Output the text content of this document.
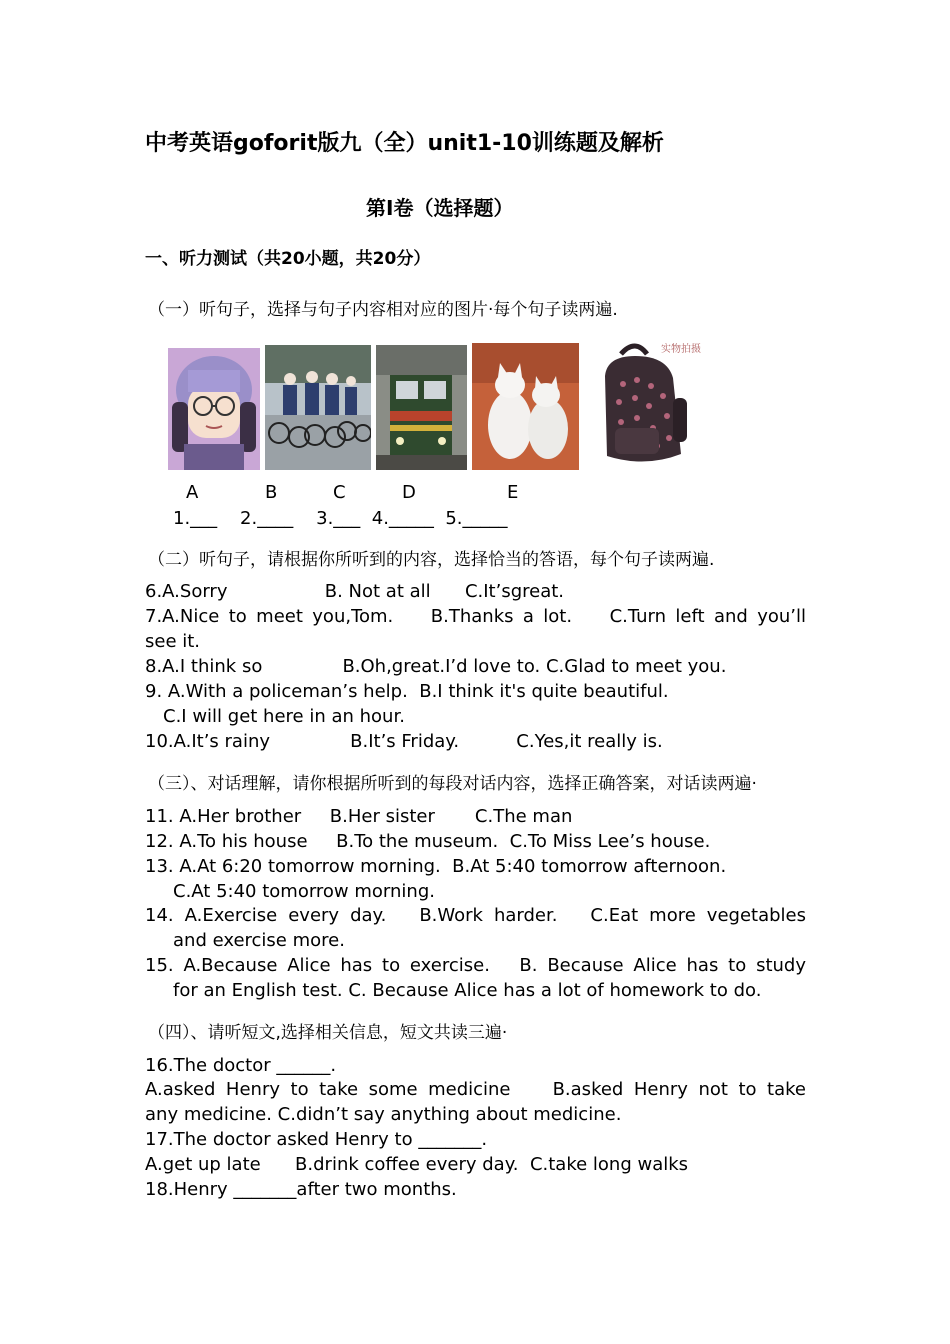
中考英语goforit版九（全）unit1-10训练题及解析
第Ⅰ卷（选择题）
一、听力测试（共20小题，共20分）
（一）听句子，选择与句子内容相对应的图片·每个句子读两遍.
实物拍摄
A	B	C	D	E
1.___    2.____    3.___  4._____  5._____
（二）听句子，请根据你所听到的内容，选择恰当的答语，每个句子读两遍.
6.A.Sorry                 B. Not at all      C.It’sgreat.
7.A.Nice to meet you,Tom.    B.Thanks a lot.    C.Turn left and you’ll
see it.
8.A.I think so              B.Oh,great.I’d love to. C.Glad to meet you.
9. A.With a policeman’s help.  B.I think it's quite beautiful.
C.I will get here in an hour.
10.A.It’s rainy              B.It’s Friday.          C.Yes,it really is.
（三）、对话理解，请你根据所听到的每段对话内容，选择正确答案，对话读两遍·
11. A.Her brother     B.Her sister       C.The man
12. A.To his house     B.To the museum.  C.To Miss Lee’s house.
13. A.At 6:20 tomorrow morning.  B.At 5:40 tomorrow afternoon.
C.At 5:40 tomorrow morning.
14. A.Exercise every day.   B.Work harder.   C.Eat more vegetables
and exercise more.
15. A.Because Alice has to exercise.   B. Because Alice has to study
for an English test. C. Because Alice has a lot of homework to do.
（四）、请听短文,选择相关信息，短文共读三遍·
16.The doctor ______.
A.asked Henry to take some medicine    B.asked Henry not to take
any medicine. C.didn’t say anything about medicine.
17.The doctor asked Henry to _______.
A.get up late      B.drink coffee every day.  C.take long walks
18.Henry _______after two months.
